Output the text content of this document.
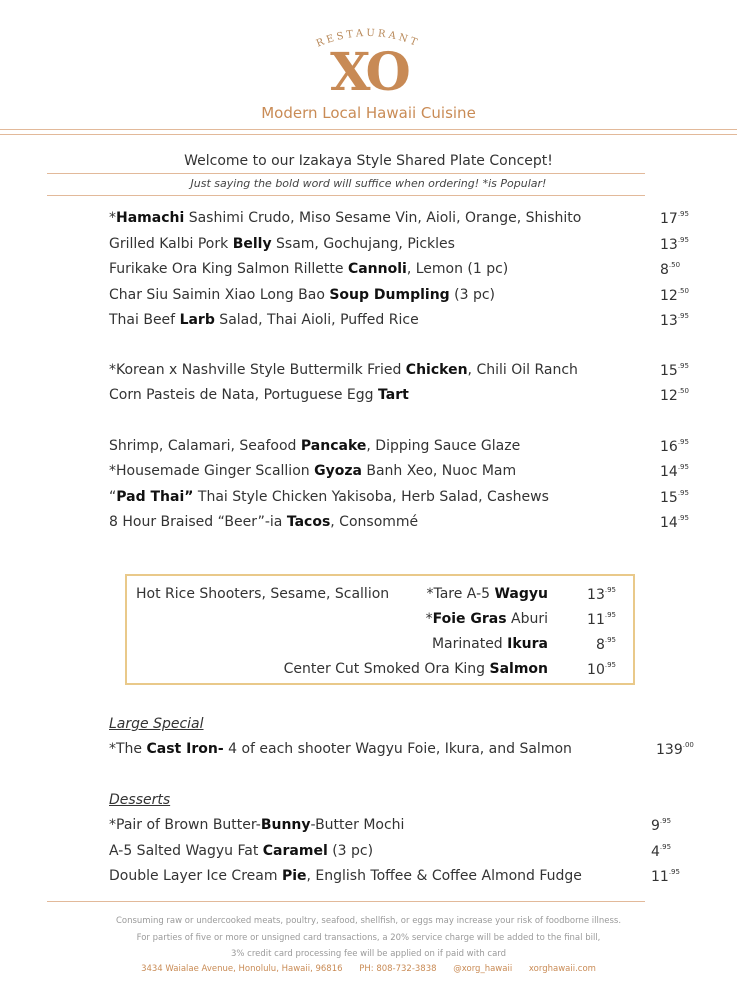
RESTAURANT
XO
Modern Local Hawaii Cuisine
Welcome to our Izakaya Style Shared Plate Concept!
Just saying the bold word will suffice when ordering! *is Popular!
*Hamachi Sashimi Crudo, Miso Sesame Vin, Aioli, Orange, Shishito	$17^{.95}$
Grilled Kalbi Pork Belly Ssam, Gochujang, Pickles	$13^{.95}$
Furikake Ora King Salmon Rillette Cannoli, Lemon (1 pc)	$8^{.50}$
Char Siu Saimin Xiao Long Bao Soup Dumpling (3 pc)	$12^{.50}$
Thai Beef Larb Salad, Thai Aioli, Puffed Rice	$13^{.95}$
*Korean x Nashville Style Buttermilk Fried Chicken, Chili Oil Ranch	$15^{.95}$
Corn Pasteis de Nata, Portuguese Egg Tart	$12^{.50}$
Shrimp, Calamari, Seafood Pancake, Dipping Sauce Glaze	$16^{.95}$
*Housemade Ginger Scallion Gyoza Banh Xeo, Nuoc Mam	$14^{.95}$
“Pad Thai” Thai Style Chicken Yakisoba, Herb Salad, Cashews	$15^{.95}$
8 Hour Braised “Beer”-ia Tacos, Consommé	$14^{.95}$
Hot Rice Shooters, Sesame, Scallion	*Tare A-5 Wagyu	$13^{.95}$
*Foie Gras Aburi	$11^{.95}$
Marinated Ikura	$8^{.95}$
Center Cut Smoked Ora King Salmon	$10^{.95}$
Large Special
*The Cast Iron- 4 of each shooter Wagyu Foie, Ikura, and Salmon	$139^{.00}$
Desserts
*Pair of Brown Butter-Bunny-Butter Mochi	$9^{.95}$
A-5 Salted Wagyu Fat Caramel (3 pc)	$4^{.95}$
Double Layer Ice Cream Pie, English Toffee & Coffee Almond Fudge	$11^{.95}$
Consuming raw or undercooked meats, poultry, seafood, shellfish, or eggs may increase your risk of foodborne illness.
For parties of five or more or unsigned card transactions, a 20% service charge will be added to the final bill,
3% credit card processing fee will be applied on if paid with card
3434 Waialae Avenue, Honolulu, Hawaii, 96816 PH: 808-732-3838 @xorg_hawaii xorghawaii.com
